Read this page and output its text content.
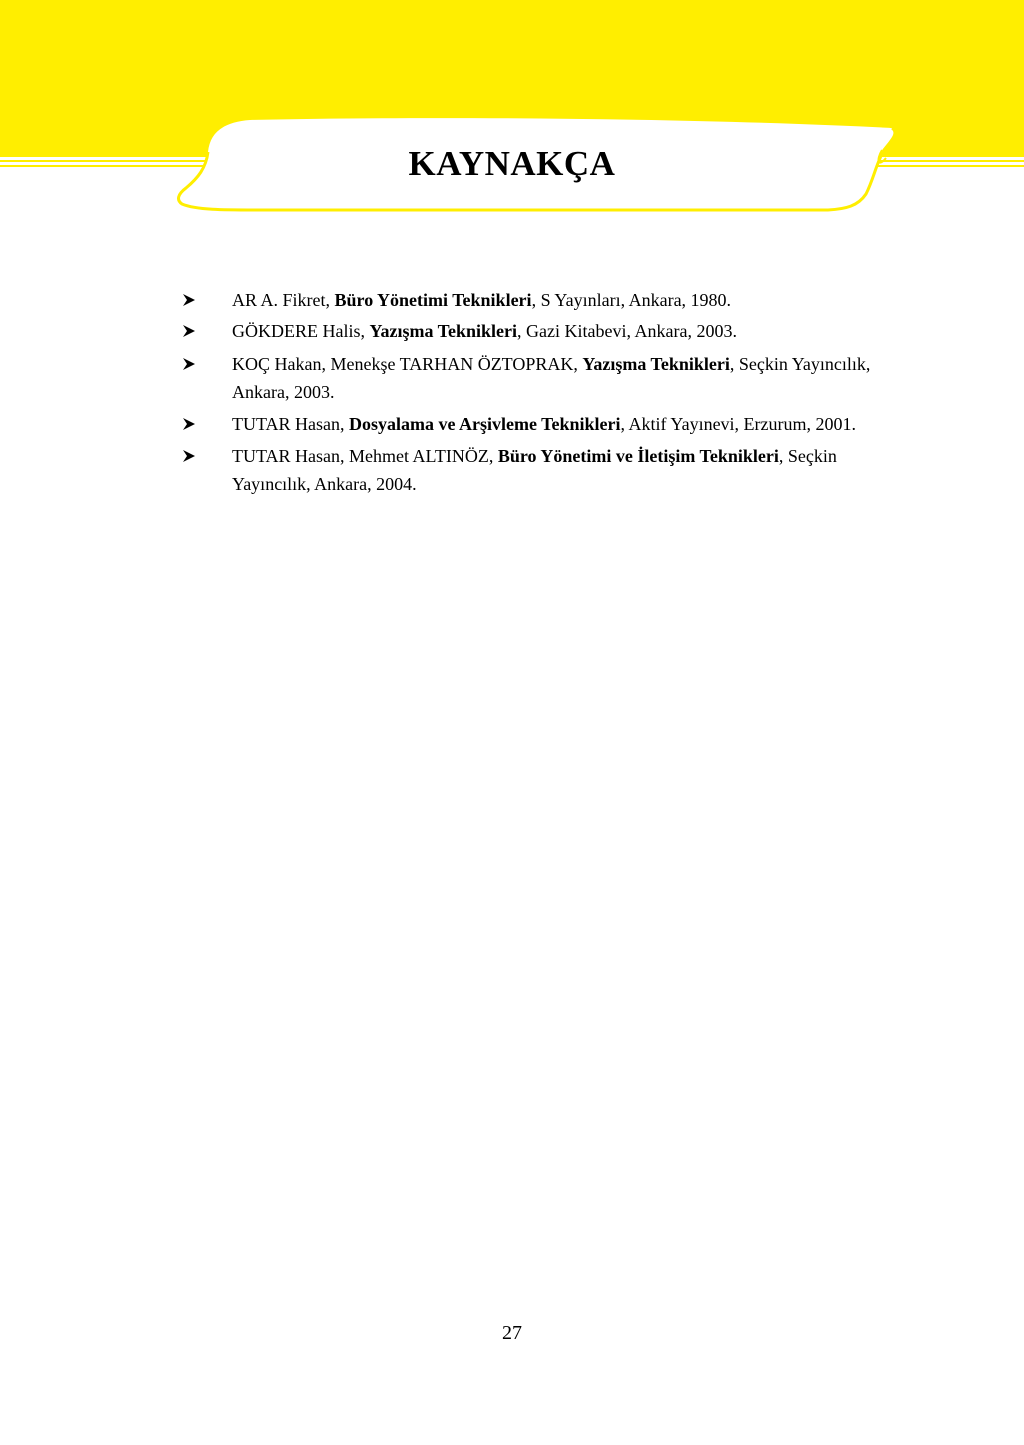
KAYNAKÇA
AR A. Fikret, Büro Yönetimi Teknikleri, S Yayınları, Ankara, 1980.
GÖKDERE Halis, Yazışma Teknikleri, Gazi Kitabevi, Ankara, 2003.
KOÇ Hakan, Menekşe TARHAN ÖZTOPRAK, Yazışma Teknikleri, Seçkin Yayıncılık, Ankara, 2003.
TUTAR Hasan, Dosyalama ve Arşivleme Teknikleri, Aktif Yayınevi, Erzurum, 2001.
TUTAR Hasan, Mehmet ALTINÖZ, Büro Yönetimi ve İletişim Teknikleri, Seçkin Yayıncılık, Ankara, 2004.
27
